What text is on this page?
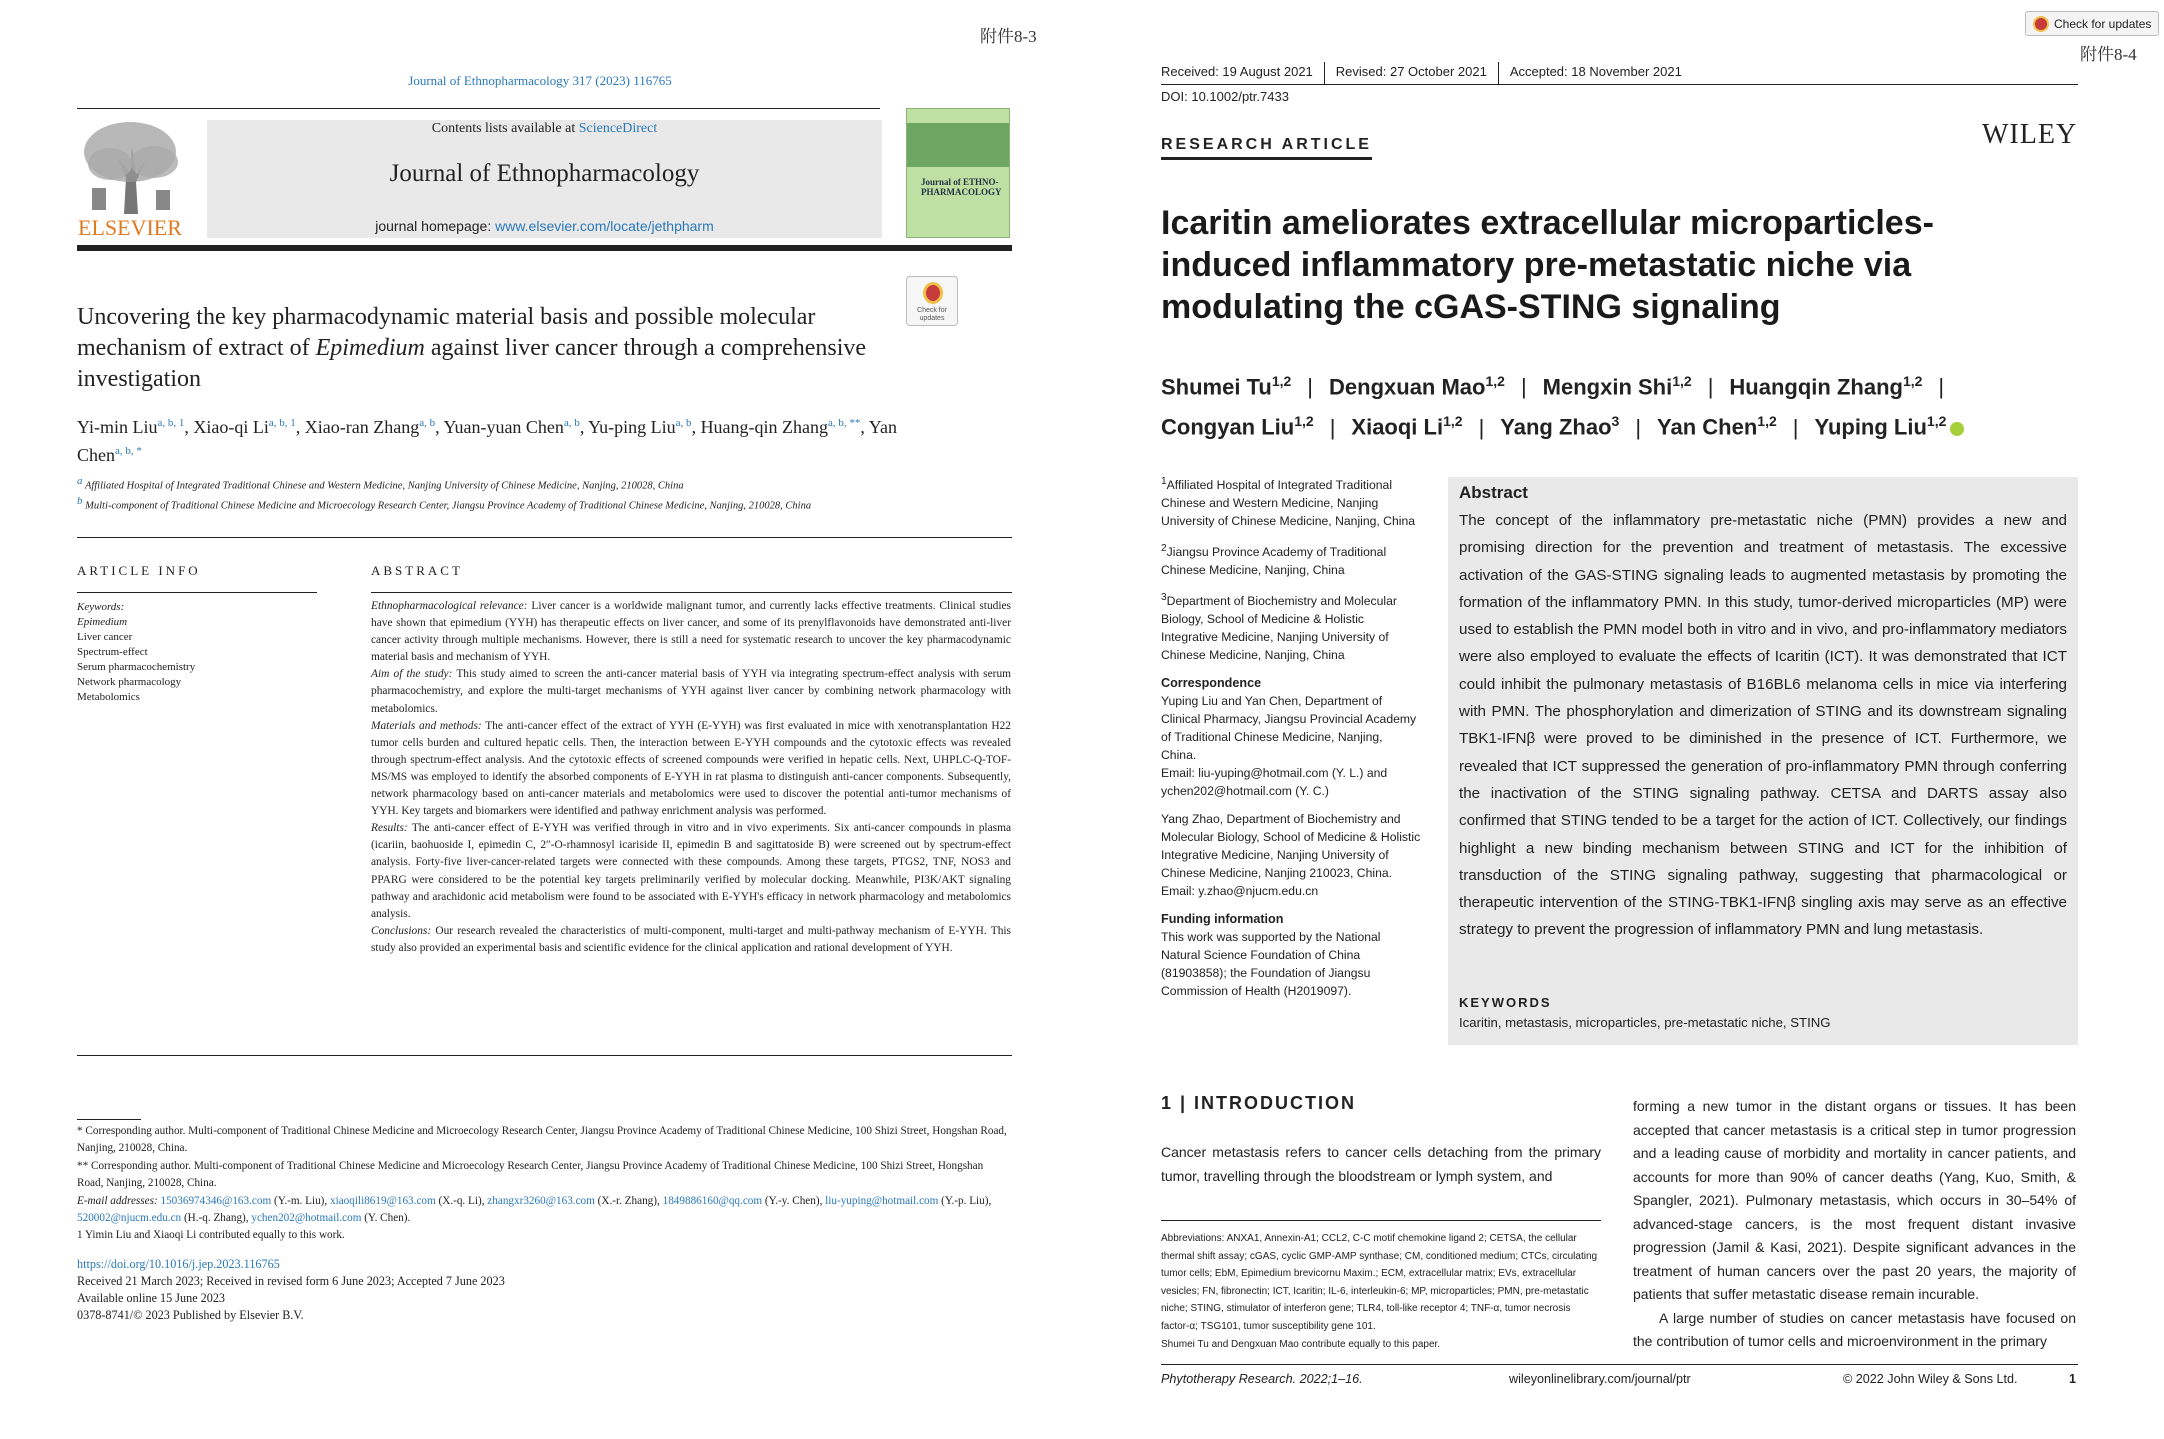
附件8-3
Journal of Ethnopharmacology 317 (2023) 116765
ELSEVIER
Contents lists available at ScienceDirect
Journal of Ethnopharmacology
journal homepage: www.elsevier.com/locate/jethpharm
Journal of ETHNO-PHARMACOLOGY
Check for updates
Uncovering the key pharmacodynamic material basis and possible molecular mechanism of extract of Epimedium against liver cancer through a comprehensive investigation
Yi-min Liu$^{a, b, 1}$, Xiao-qi Li$^{a, b, 1}$, Xiao-ran Zhang$^{a, b}$, Yuan-yuan Chen$^{a, b}$, Yu-ping Liu$^{a, b}$, Huang-qin Zhang$^{a, b, **}$, Yan Chen$^{a, b, *}$
$^a$ Affiliated Hospital of Integrated Traditional Chinese and Western Medicine, Nanjing University of Chinese Medicine, Nanjing, 210028, China
$^b$ Multi-component of Traditional Chinese Medicine and Microecology Research Center, Jiangsu Province Academy of Traditional Chinese Medicine, Nanjing, 210028, China
ARTICLE INFO	ABSTRACT
Keywords:
Epimedium
Liver cancer
Spectrum-effect
Serum pharmacochemistry
Network pharmacology
Metabolomics
Ethnopharmacological relevance: Liver cancer is a worldwide malignant tumor, and currently lacks effective treatments. Clinical studies have shown that epimedium (YYH) has therapeutic effects on liver cancer, and some of its prenylflavonoids have demonstrated anti-liver cancer activity through multiple mechanisms. However, there is still a need for systematic research to uncover the key pharmacodynamic material basis and mechanism of YYH.
Aim of the study: This study aimed to screen the anti-cancer material basis of YYH via integrating spectrum-effect analysis with serum pharmacochemistry, and explore the multi-target mechanisms of YYH against liver cancer by combining network pharmacology with metabolomics.
Materials and methods: The anti-cancer effect of the extract of YYH (E-YYH) was first evaluated in mice with xenotransplantation H22 tumor cells burden and cultured hepatic cells. Then, the interaction between E-YYH compounds and the cytotoxic effects was revealed through spectrum-effect analysis. And the cytotoxic effects of screened compounds were verified in hepatic cells. Next, UHPLC-Q-TOF-MS/MS was employed to identify the absorbed components of E-YYH in rat plasma to distinguish anti-cancer components. Subsequently, network pharmacology based on anti-cancer materials and metabolomics were used to discover the potential anti-tumor mechanisms of YYH. Key targets and biomarkers were identified and pathway enrichment analysis was performed.
Results: The anti-cancer effect of E-YYH was verified through in vitro and in vivo experiments. Six anti-cancer compounds in plasma (icariin, baohuoside I, epimedin C, 2″-O-rhamnosyl icariside II, epimedin B and sagittatoside B) were screened out by spectrum-effect analysis. Forty-five liver-cancer-related targets were connected with these compounds. Among these targets, PTGS2, TNF, NOS3 and PPARG were considered to be the potential key targets preliminarily verified by molecular docking. Meanwhile, PI3K/AKT signaling pathway and arachidonic acid metabolism were found to be associated with E-YYH's efficacy in network pharmacology and metabolomics analysis.
Conclusions: Our research revealed the characteristics of multi-component, multi-target and multi-pathway mechanism of E-YYH. This study also provided an experimental basis and scientific evidence for the clinical application and rational development of YYH.
* Corresponding author. Multi-component of Traditional Chinese Medicine and Microecology Research Center, Jiangsu Province Academy of Traditional Chinese Medicine, 100 Shizi Street, Hongshan Road, Nanjing, 210028, China.
** Corresponding author. Multi-component of Traditional Chinese Medicine and Microecology Research Center, Jiangsu Province Academy of Traditional Chinese Medicine, 100 Shizi Street, Hongshan Road, Nanjing, 210028, China.
E-mail addresses: 15036974346@163.com (Y.-m. Liu), xiaoqili8619@163.com (X.-q. Li), zhangxr3260@163.com (X.-r. Zhang), 1849886160@qq.com (Y.-y. Chen), liu-yuping@hotmail.com (Y.-p. Liu), 520002@njucm.edu.cn (H.-q. Zhang), ychen202@hotmail.com (Y. Chen).
1 Yimin Liu and Xiaoqi Li contributed equally to this work.
https://doi.org/10.1016/j.jep.2023.116765
Received 21 March 2023; Received in revised form 6 June 2023; Accepted 7 June 2023
Available online 15 June 2023
0378-8741/© 2023 Published by Elsevier B.V.
Check for updates
附件8-4
Received: 19 August 2021 Revised: 27 October 2021 Accepted: 18 November 2021
DOI: 10.1002/ptr.7433
RESEARCH ARTICLE	WILEY
Icaritin ameliorates extracellular microparticles-induced inflammatory pre-metastatic niche via modulating the cGAS-STING signaling
Shumei Tu$^{1,2}$ | Dengxuan Mao$^{1,2}$ | Mengxin Shi$^{1,2}$ | Huangqin Zhang$^{1,2}$ |
Congyan Liu$^{1,2}$ | Xiaoqi Li$^{1,2}$ | Yang Zhao$^3$ | Yan Chen$^{1,2}$ | Yuping Liu$^{1,2}$
$^1$Affiliated Hospital of Integrated Traditional Chinese and Western Medicine, Nanjing University of Chinese Medicine, Nanjing, China
$^2$Jiangsu Province Academy of Traditional Chinese Medicine, Nanjing, China
$^3$Department of Biochemistry and Molecular Biology, School of Medicine & Holistic Integrative Medicine, Nanjing University of Chinese Medicine, Nanjing, China
Correspondence
Yuping Liu and Yan Chen, Department of Clinical Pharmacy, Jiangsu Provincial Academy of Traditional Chinese Medicine, Nanjing, China.
Email: liu-yuping@hotmail.com (Y. L.) and ychen202@hotmail.com (Y. C.)
Yang Zhao, Department of Biochemistry and Molecular Biology, School of Medicine & Holistic Integrative Medicine, Nanjing University of Chinese Medicine, Nanjing 210023, China.
Email: y.zhao@njucm.edu.cn
Funding information
This work was supported by the National Natural Science Foundation of China (81903858); the Foundation of Jiangsu Commission of Health (H2019097).
Abstract
The concept of the inflammatory pre-metastatic niche (PMN) provides a new and promising direction for the prevention and treatment of metastasis. The excessive activation of the GAS-STING signaling leads to augmented metastasis by promoting the formation of the inflammatory PMN. In this study, tumor-derived microparticles (MP) were used to establish the PMN model both in vitro and in vivo, and pro-inflammatory mediators were also employed to evaluate the effects of Icaritin (ICT). It was demonstrated that ICT could inhibit the pulmonary metastasis of B16BL6 melanoma cells in mice via interfering with PMN. The phosphorylation and dimerization of STING and its downstream signaling TBK1-IFNβ were proved to be diminished in the presence of ICT. Furthermore, we revealed that ICT suppressed the generation of pro-inflammatory PMN through conferring the inactivation of the STING signaling pathway. CETSA and DARTS assay also confirmed that STING tended to be a target for the action of ICT. Collectively, our findings highlight a new binding mechanism between STING and ICT for the inhibition of transduction of the STING signaling pathway, suggesting that pharmacological or therapeutic intervention of the STING-TBK1-IFNβ singling axis may serve as an effective strategy to prevent the progression of inflammatory PMN and lung metastasis.
KEYWORDS
Icaritin, metastasis, microparticles, pre-metastatic niche, STING
1 | INTRODUCTION
Cancer metastasis refers to cancer cells detaching from the primary tumor, travelling through the bloodstream or lymph system, and
Abbreviations: ANXA1, Annexin-A1; CCL2, C-C motif chemokine ligand 2; CETSA, the cellular thermal shift assay; cGAS, cyclic GMP-AMP synthase; CM, conditioned medium; CTCs, circulating tumor cells; EbM, Epimedium brevicornu Maxim.; ECM, extracellular matrix; EVs, extracellular vesicles; FN, fibronectin; ICT, Icaritin; IL-6, interleukin-6; MP, microparticles; PMN, pre-metastatic niche; STING, stimulator of interferon gene; TLR4, toll-like receptor 4; TNF-α, tumor necrosis factor-α; TSG101, tumor susceptibility gene 101.
Shumei Tu and Dengxuan Mao contribute equally to this paper.
forming a new tumor in the distant organs or tissues. It has been accepted that cancer metastasis is a critical step in tumor progression and a leading cause of morbidity and mortality in cancer patients, and accounts for more than 90% of cancer deaths (Yang, Kuo, Smith, & Spangler, 2021). Pulmonary metastasis, which occurs in 30–54% of advanced-stage cancers, is the most frequent distant invasive progression (Jamil & Kasi, 2021). Despite significant advances in the treatment of human cancers over the past 20 years, the majority of patients that suffer metastatic disease remain incurable.
A large number of studies on cancer metastasis have focused on the contribution of tumor cells and microenvironment in the primary
Phytotherapy Research. 2022;1–16.	wileyonlinelibrary.com/journal/ptr	© 2022 John Wiley & Sons Ltd.	1
